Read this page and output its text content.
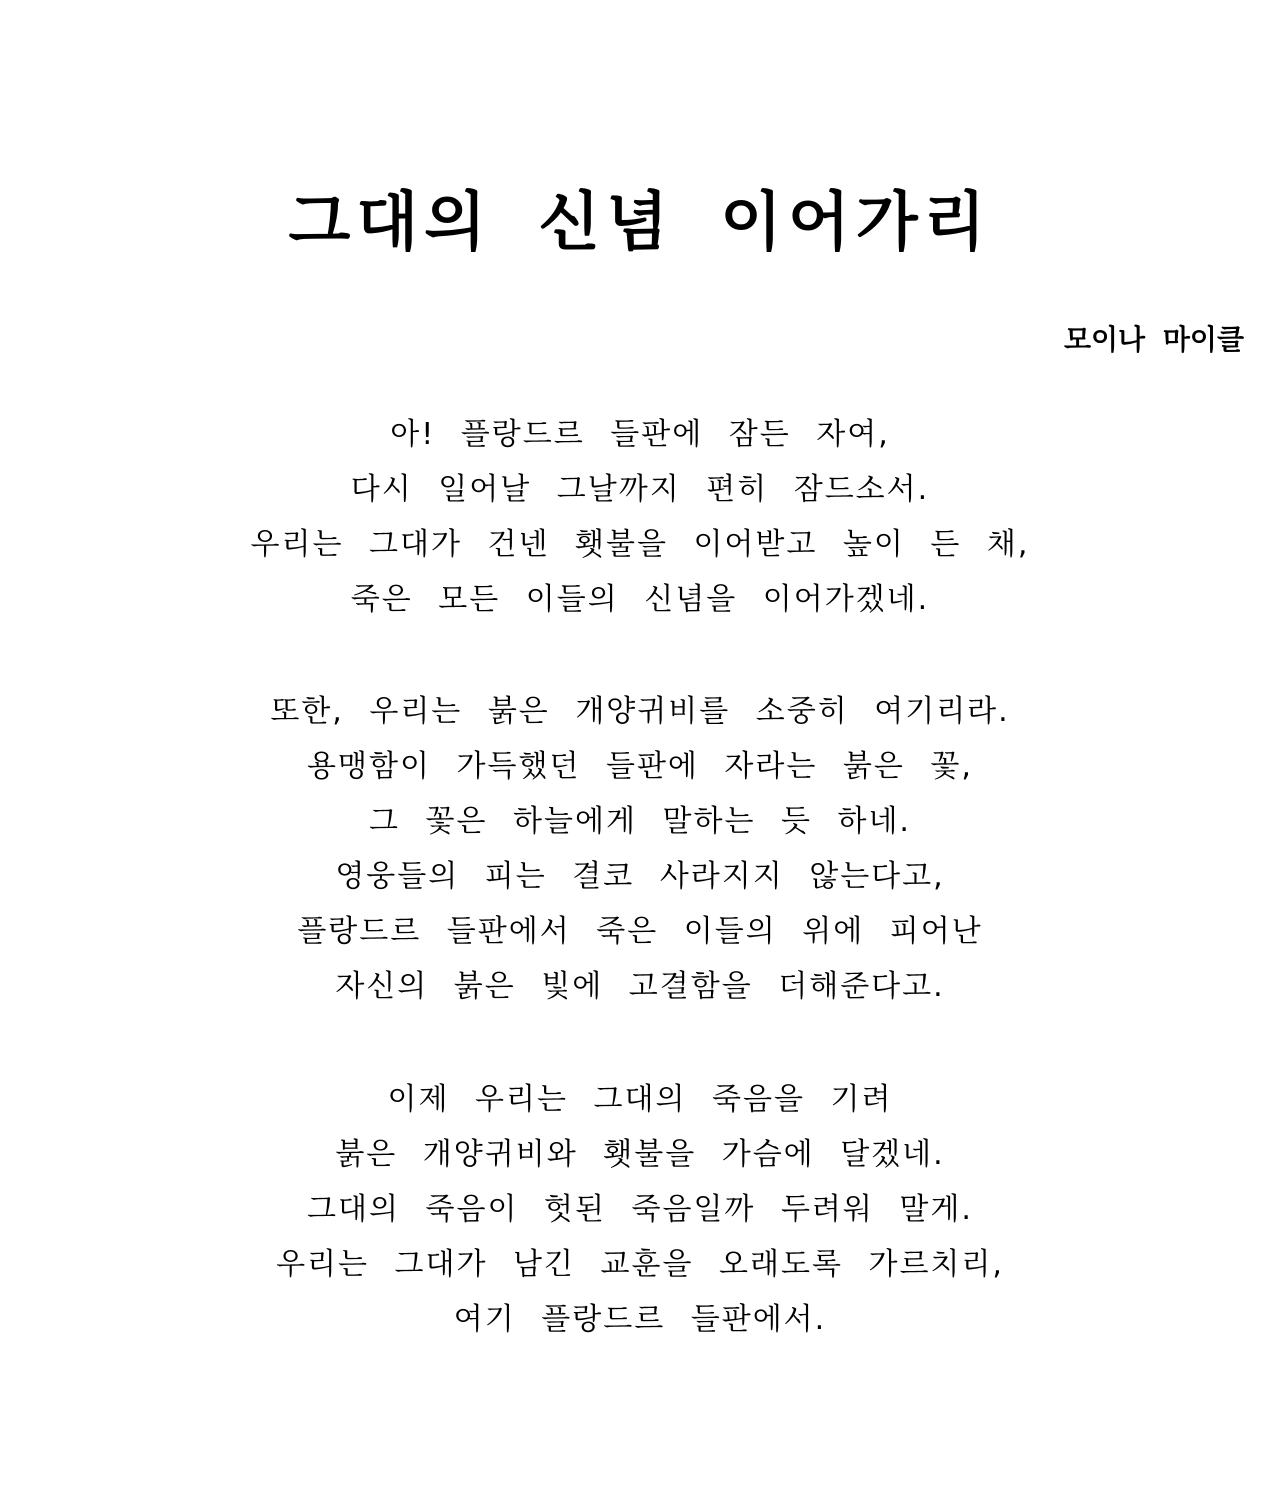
그대의 신념 이어가리
모이나 마이클
아! 플랑드르 들판에 잠든 자여,
다시 일어날 그날까지 편히 잠드소서.
우리는 그대가 건넨 횃불을 이어받고 높이 든 채,
죽은 모든 이들의 신념을 이어가겠네.
또한, 우리는 붉은 개양귀비를 소중히 여기리라.
용맹함이 가득했던 들판에 자라는 붉은 꽃,
그 꽃은 하늘에게 말하는 듯 하네.
영웅들의 피는 결코 사라지지 않는다고,
플랑드르 들판에서 죽은 이들의 위에 피어난
자신의 붉은 빛에 고결함을 더해준다고.
이제 우리는 그대의 죽음을 기려
붉은 개양귀비와 횃불을 가슴에 달겠네.
그대의 죽음이 헛된 죽음일까 두려워 말게.
우리는 그대가 남긴 교훈을 오래도록 가르치리,
여기 플랑드르 들판에서.
